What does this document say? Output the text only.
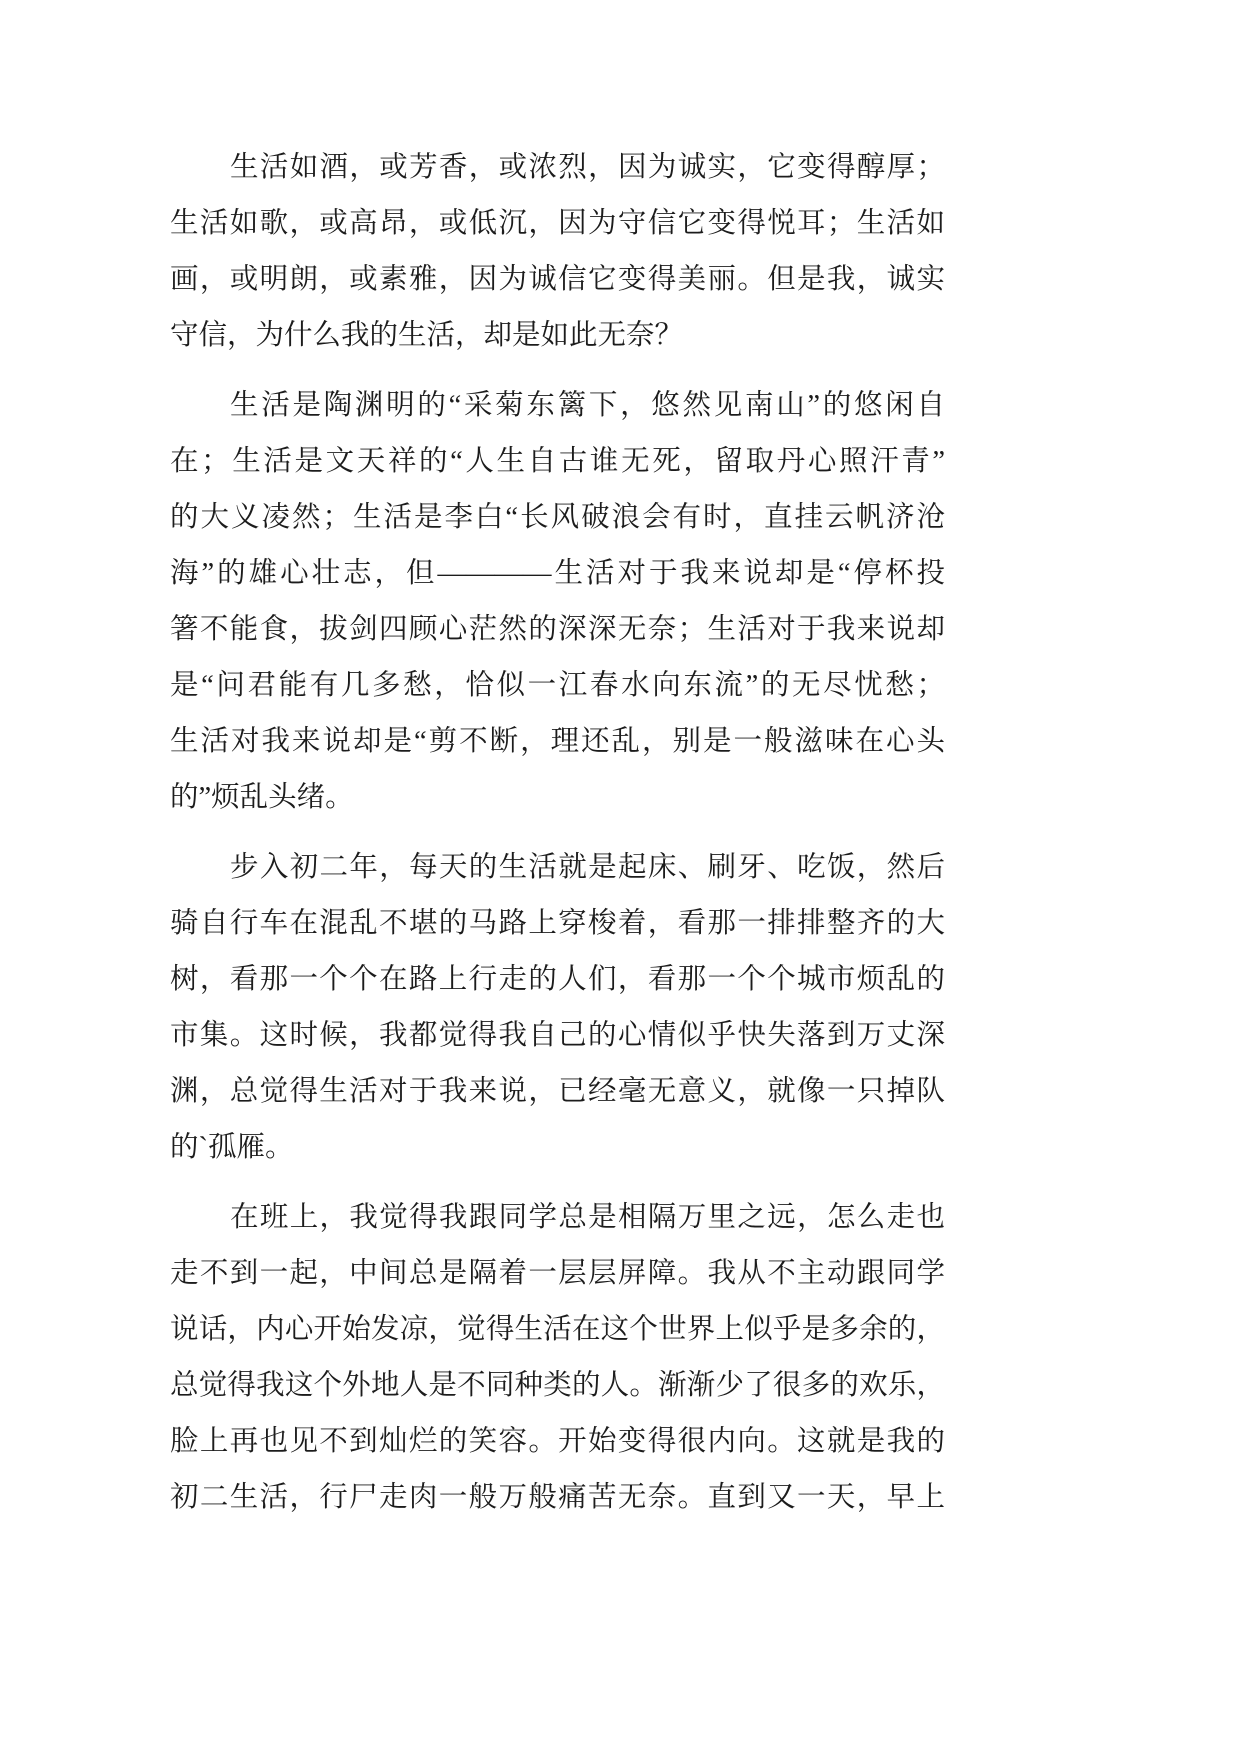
生活如酒，或芳香，或浓烈，因为诚实，它变得醇厚；
生活如歌，或高昂，或低沉，因为守信它变得悦耳；生活如
画，或明朗，或素雅，因为诚信它变得美丽。但是我，诚实
守信，为什么我的生活，却是如此无奈？
生活是陶渊明的“采菊东篱下，悠然见南山”的悠闲自
在；生活是文天祥的“人生自古谁无死，留取丹心照汗青”
的大义凌然；生活是李白“长风破浪会有时，直挂云帆济沧
海”的雄心壮志，但————生活对于我来说却是“停杯投
箸不能食，拔剑四顾心茫然的深深无奈；生活对于我来说却
是“问君能有几多愁，恰似一江春水向东流”的无尽忧愁；
生活对我来说却是“剪不断，理还乱，别是一般滋味在心头
的”烦乱头绪。
步入初二年，每天的生活就是起床、刷牙、吃饭，然后
骑自行车在混乱不堪的马路上穿梭着，看那一排排整齐的大
树，看那一个个在路上行走的人们，看那一个个城市烦乱的
市集。这时候，我都觉得我自己的心情似乎快失落到万丈深
渊，总觉得生活对于我来说，已经毫无意义，就像一只掉队
的`孤雁。
在班上，我觉得我跟同学总是相隔万里之远，怎么走也
走不到一起，中间总是隔着一层层屏障。我从不主动跟同学
说话，内心开始发凉，觉得生活在这个世界上似乎是多余的，
总觉得我这个外地人是不同种类的人。渐渐少了很多的欢乐，
脸上再也见不到灿烂的笑容。开始变得很内向。这就是我的
初二生活，行尸走肉一般万般痛苦无奈。直到又一天，早上
